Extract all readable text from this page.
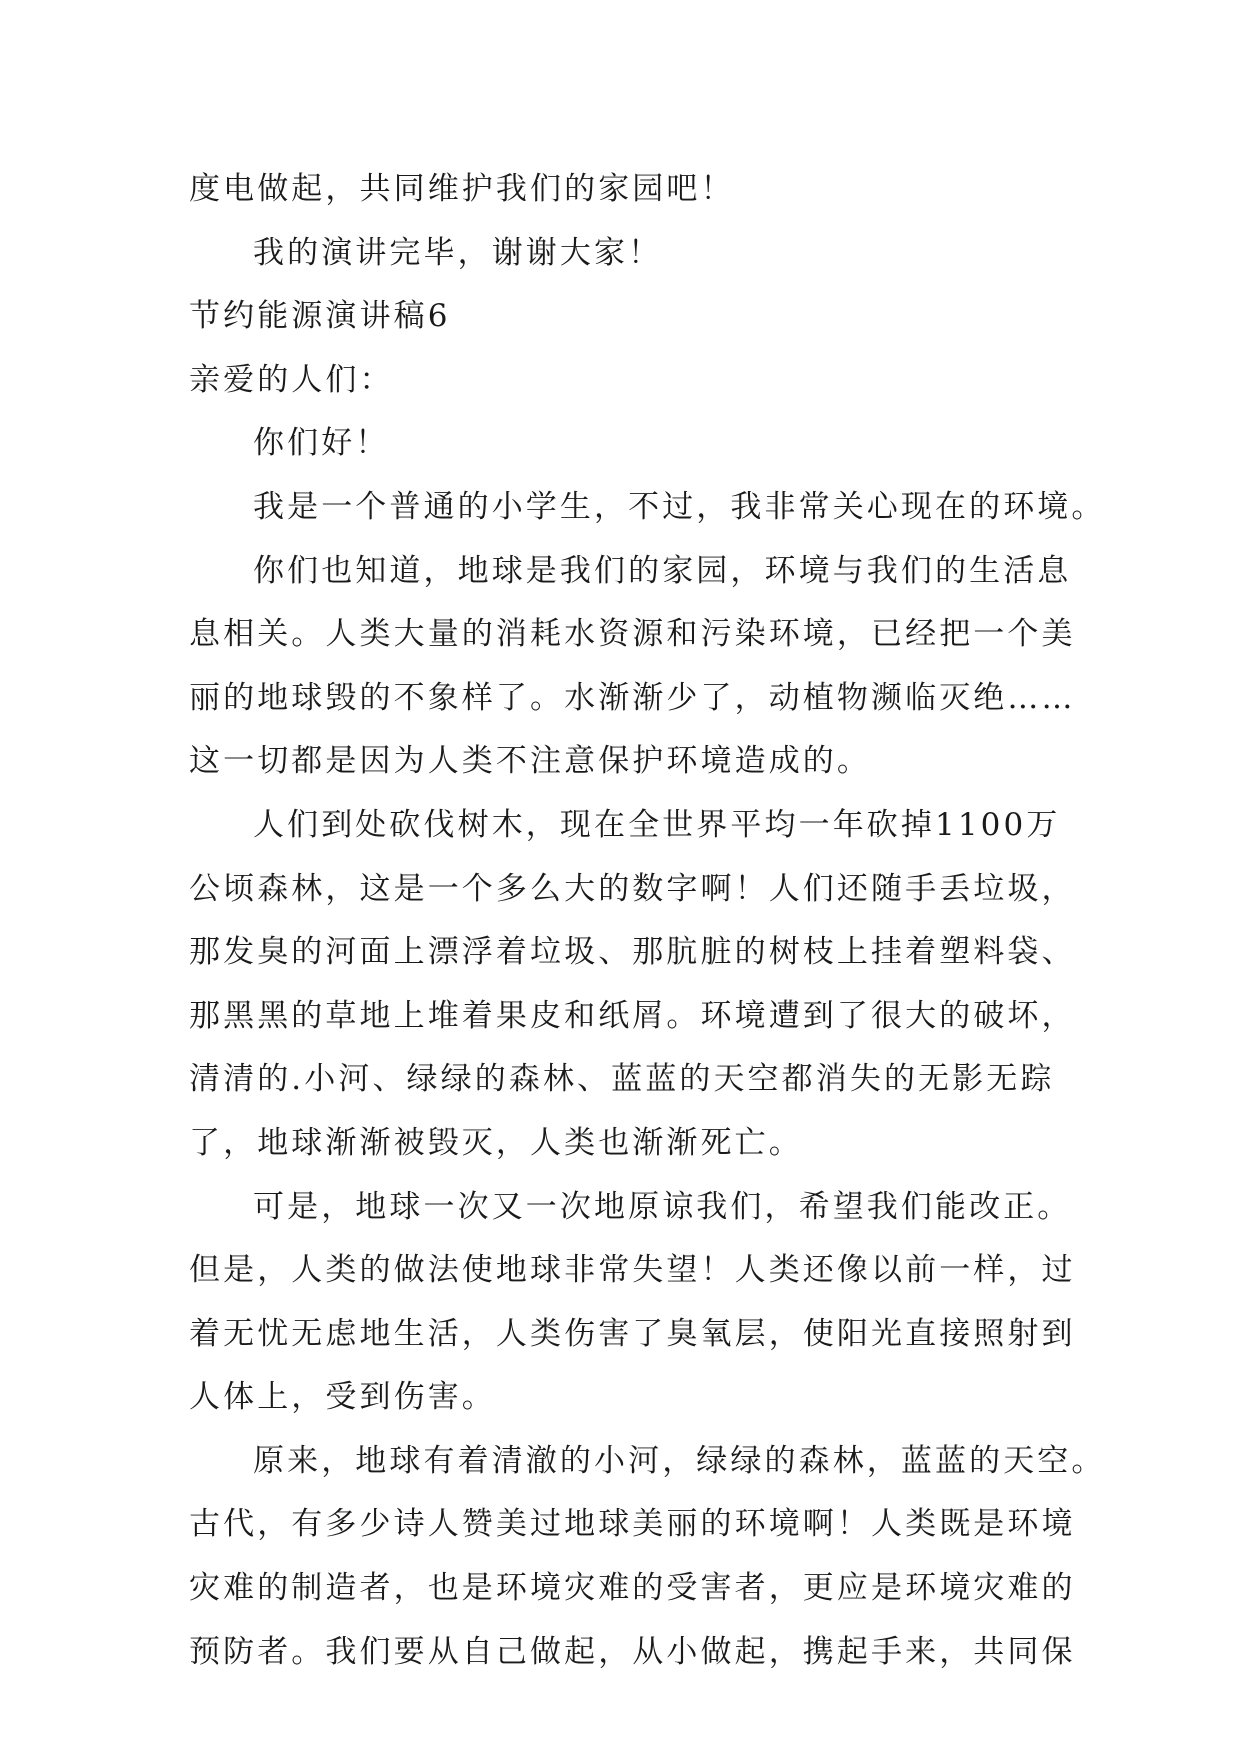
度电做起，共同维护我们的家园吧！
我的演讲完毕，谢谢大家！
节约能源演讲稿6
亲爱的人们：
你们好！
我是一个普通的小学生，不过，我非常关心现在的环境。
你们也知道，地球是我们的家园，环境与我们的生活息
息相关。人类大量的消耗水资源和污染环境，已经把一个美
丽的地球毁的不象样了。水渐渐少了，动植物濒临灭绝……
这一切都是因为人类不注意保护环境造成的。
人们到处砍伐树木，现在全世界平均一年砍掉1100万
公顷森林，这是一个多么大的数字啊！人们还随手丢垃圾，
那发臭的河面上漂浮着垃圾、那肮脏的树枝上挂着塑料袋、
那黑黑的草地上堆着果皮和纸屑。环境遭到了很大的破坏，
清清的.小河、绿绿的森林、蓝蓝的天空都消失的无影无踪
了，地球渐渐被毁灭，人类也渐渐死亡。
可是，地球一次又一次地原谅我们，希望我们能改正。
但是，人类的做法使地球非常失望！人类还像以前一样，过
着无忧无虑地生活，人类伤害了臭氧层，使阳光直接照射到
人体上，受到伤害。
原来，地球有着清澈的小河，绿绿的森林，蓝蓝的天空。
古代，有多少诗人赞美过地球美丽的环境啊！人类既是环境
灾难的制造者，也是环境灾难的受害者，更应是环境灾难的
预防者。我们要从自己做起，从小做起，携起手来，共同保
